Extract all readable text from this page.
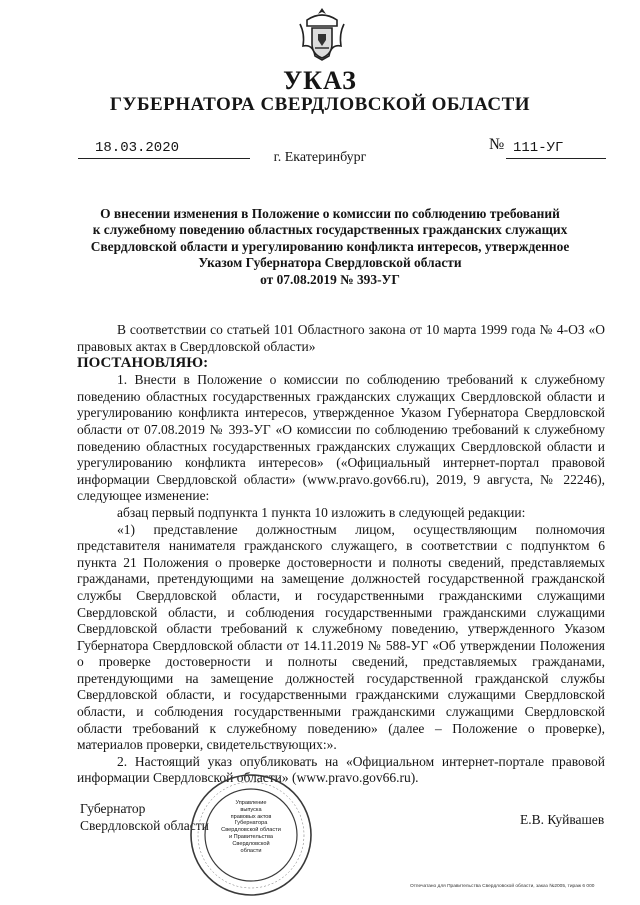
УКАЗ
ГУБЕРНАТОРА СВЕРДЛОВСКОЙ ОБЛАСТИ
18.03.2020	№ 111-УГ
г. Екатеринбург
О внесении изменения в Положение о комиссии по соблюдению требований
к служебному поведению областных государственных гражданских служащих
Свердловской области и урегулированию конфликта интересов, утвержденное
Указом Губернатора Свердловской области
от 07.08.2019 № 393-УГ

В соответствии со статьей 101 Областного закона от 10 марта 1999 года № 4-ОЗ «О правовых актах в Свердловской области»

ПОСТАНОВЛЯЮ:

1. Внести в Положение о комиссии по соблюдению требований к служебному поведению областных государственных гражданских служащих Свердловской области и урегулированию конфликта интересов, утвержденное Указом Губернатора Свердловской области от 07.08.2019 № 393-УГ «О комиссии по соблюдению требований к служебному поведению областных государственных гражданских служащих Свердловской области и урегулированию конфликта интересов» («Официальный интернет-портал правовой информации Свердловской области» (www.pravo.gov66.ru), 2019, 9 августа, № 22246), следующее изменение:

абзац первый подпункта 1 пункта 10 изложить в следующей редакции:

«1) представление должностным лицом, осуществляющим полномочия представителя нанимателя гражданского служащего, в соответствии с подпунктом 6 пункта 21 Положения о проверке достоверности и полноты сведений, представляемых гражданами, претендующими на замещение должностей государственной гражданской службы Свердловской области, и государственными гражданскими служащими Свердловской области, и соблюдения государственными гражданскими служащими Свердловской области требований к служебному поведению, утвержденного Указом Губернатора Свердловской области от 14.11.2019 № 588-УГ «Об утверждении Положения о проверке достоверности и полноты сведений, представляемых гражданами, претендующими на замещение должностей государственной гражданской службы Свердловской области, и государственными гражданскими служащими Свердловской области, и соблюдения государственными гражданскими служащими Свердловской области требований к служебному поведению» (далее – Положение о проверке), материалов проверки, свидетельствующих:».

2. Настоящий указ опубликовать на «Официальном интернет-портале правовой информации Свердловской области» (www.pravo.gov66.ru).

Губернатор
Свердловской области	Е.В. Куйвашев
Управление
выпуска
правовых актов
Губернатора
Свердловской области
и Правительства
Свердловской
области
Отпечатано для Правительства Свердловской области, заказ №2005, тираж 6 000
